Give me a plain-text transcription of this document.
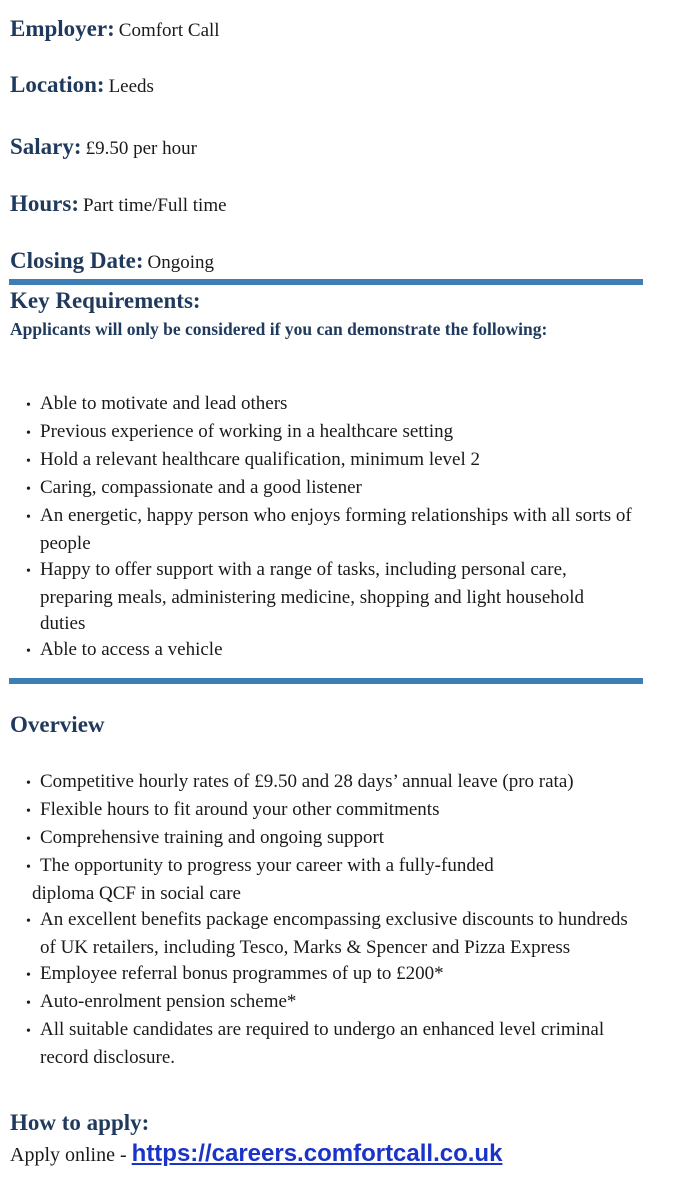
Employer: Comfort Call
Location: Leeds
Salary: £9.50 per hour
Hours: Part time/Full time
Closing Date: Ongoing
Key Requirements:
Applicants will only be considered if you can demonstrate the following:
• Able to motivate and lead others
• Previous experience of working in a healthcare setting
• Hold a relevant healthcare qualification, minimum level 2
• Caring, compassionate and a good listener
• An energetic, happy person who enjoys forming relationships with all sorts of people
• Happy to offer support with a range of tasks, including personal care, preparing meals, administering medicine, shopping and light household duties
• Able to access a vehicle
Overview
• Competitive hourly rates of £9.50 and 28 days’ annual leave (pro rata)
• Flexible hours to fit around your other commitments
• Comprehensive training and ongoing support
• The opportunity to progress your career with a fully-funded
diploma QCF in social care
• An excellent benefits package encompassing exclusive discounts to hundreds of UK retailers, including Tesco, Marks & Spencer and Pizza Express
• Employee referral bonus programmes of up to £200*
• Auto-enrolment pension scheme*
• All suitable candidates are required to undergo an enhanced level criminal record disclosure.
How to apply:
Apply online - https://careers.comfortcall.co.uk
